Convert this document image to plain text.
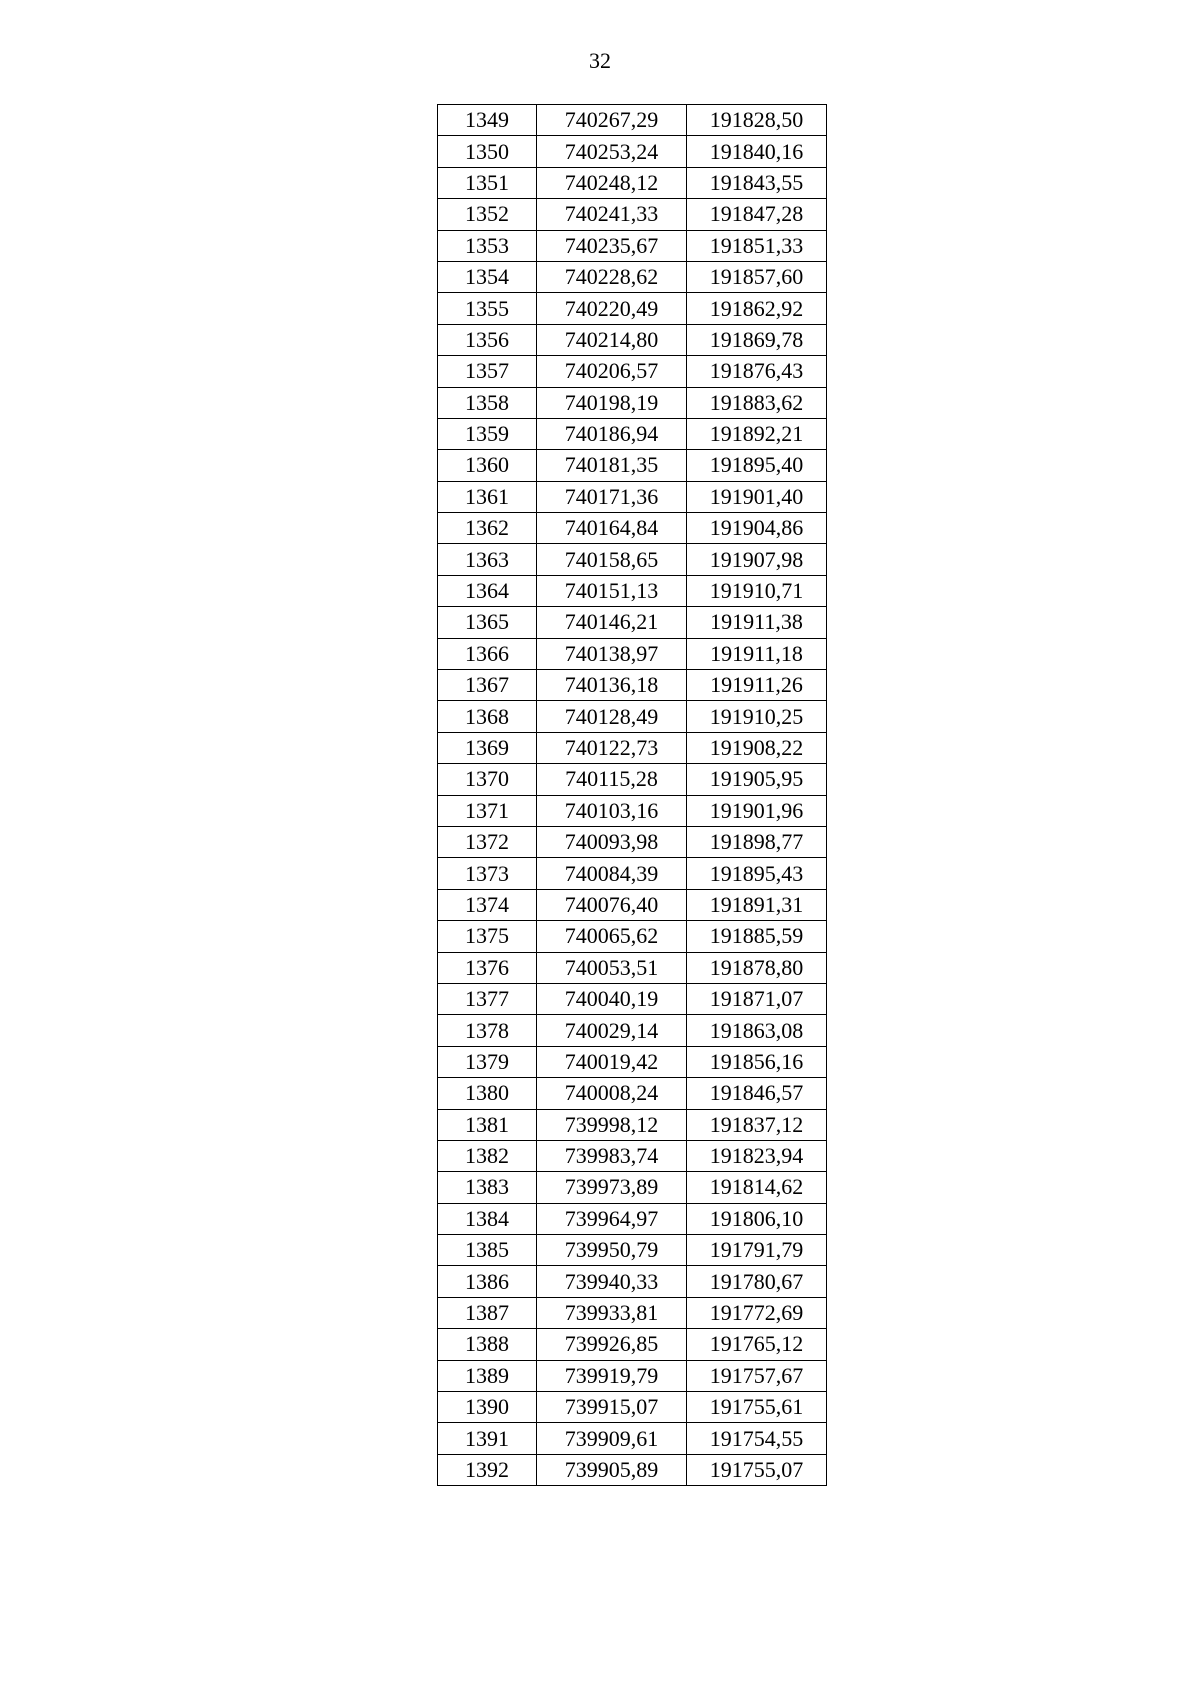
32
1349	740267,29	191828,50
1350	740253,24	191840,16
1351	740248,12	191843,55
1352	740241,33	191847,28
1353	740235,67	191851,33
1354	740228,62	191857,60
1355	740220,49	191862,92
1356	740214,80	191869,78
1357	740206,57	191876,43
1358	740198,19	191883,62
1359	740186,94	191892,21
1360	740181,35	191895,40
1361	740171,36	191901,40
1362	740164,84	191904,86
1363	740158,65	191907,98
1364	740151,13	191910,71
1365	740146,21	191911,38
1366	740138,97	191911,18
1367	740136,18	191911,26
1368	740128,49	191910,25
1369	740122,73	191908,22
1370	740115,28	191905,95
1371	740103,16	191901,96
1372	740093,98	191898,77
1373	740084,39	191895,43
1374	740076,40	191891,31
1375	740065,62	191885,59
1376	740053,51	191878,80
1377	740040,19	191871,07
1378	740029,14	191863,08
1379	740019,42	191856,16
1380	740008,24	191846,57
1381	739998,12	191837,12
1382	739983,74	191823,94
1383	739973,89	191814,62
1384	739964,97	191806,10
1385	739950,79	191791,79
1386	739940,33	191780,67
1387	739933,81	191772,69
1388	739926,85	191765,12
1389	739919,79	191757,67
1390	739915,07	191755,61
1391	739909,61	191754,55
1392	739905,89	191755,07
